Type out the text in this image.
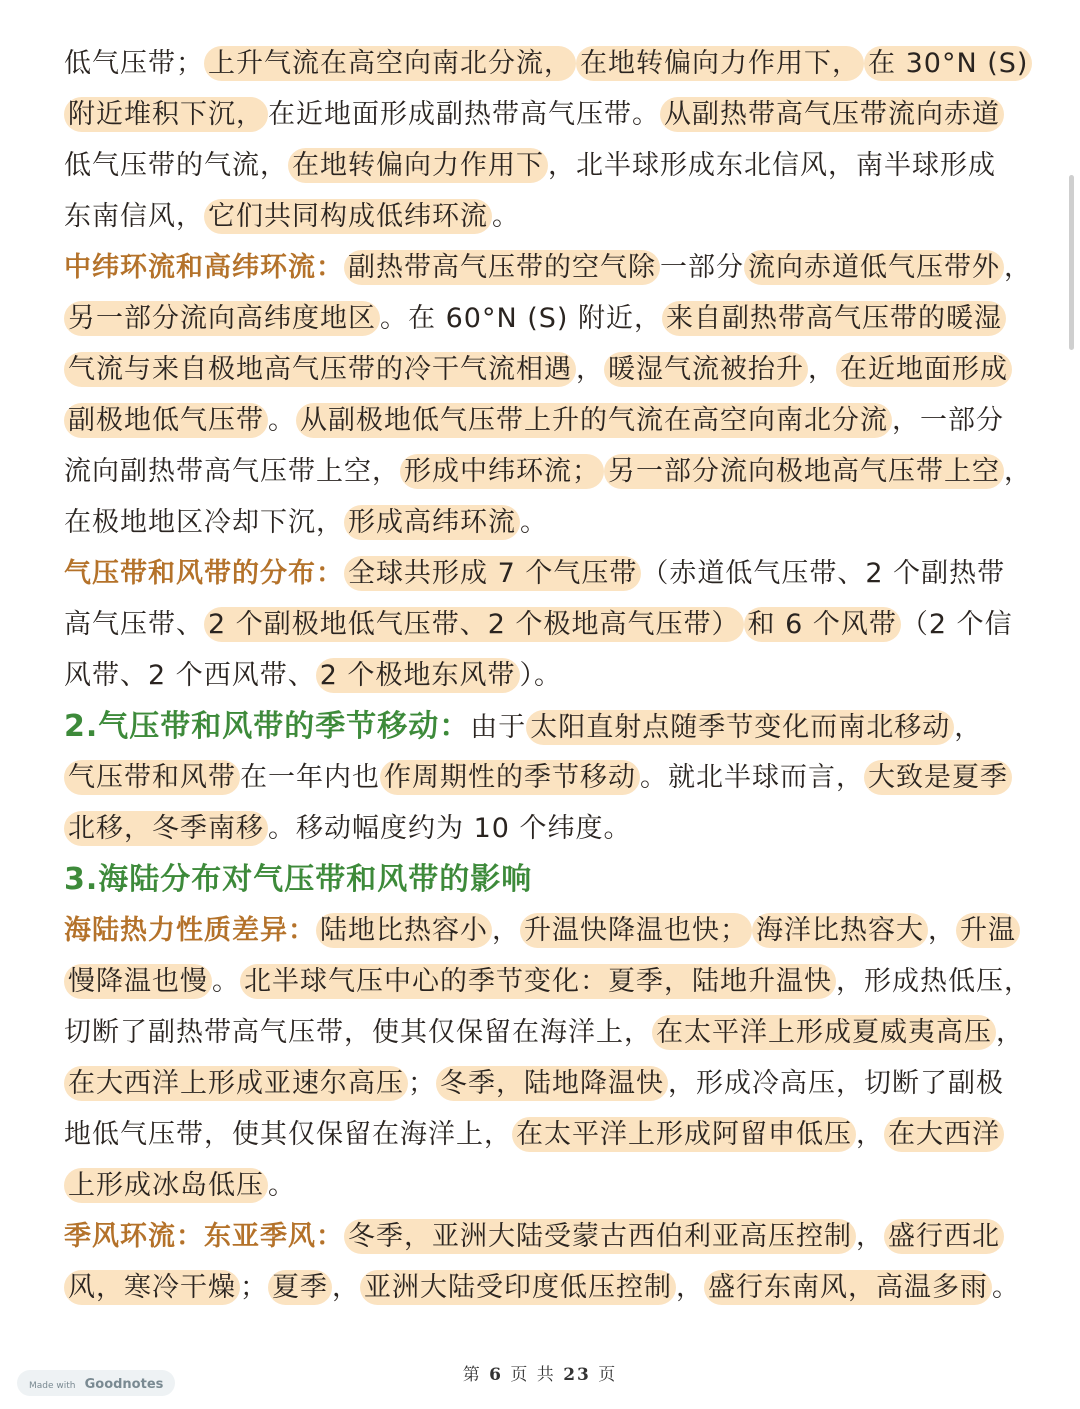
低气压带； 上升气流在高空向南北分流， 在地转偏向力作用下， 在 30°N (S)
附近堆积下沉， 在近地面形成副热带高气压带。 从副热带高气压带流向赤道
低气压带的气流， 在地转偏向力作用下 ，北半球形成东北信风，南半球形成
东南信风， 它们共同构成低纬环流 。
中纬环流和高纬环流： 副热带高气压带的空气除 一部分 流向赤道低气压带外 ，
另一部分流向高纬度地区 。在 60°N (S) 附近， 来自副热带高气压带的暖湿
气流与来自极地高气压带的冷干气流相遇 ， 暖湿气流被抬升 ， 在近地面形成
副极地低气压带 。 从副极地低气压带上升的气流在高空向南北分流 ，一部分
流向副热带高气压带上空， 形成中纬环流； 另一部分流向极地高气压带上空 ，
在极地地区冷却下沉， 形成高纬环流 。
气压带和风带的分布： 全球共形成 7 个气压带 （赤道低气压带、2 个副热带
高气压带、 2 个副极地低气压带、2 个极地高气压带） 和 6 个风带 （2 个信
风带、2 个西风带、 2 个极地东风带 ）。
2.气压带和风带的季节移动：由于 太阳直射点随季节变化而南北移动 ，
气压带和风带 在一年内也 作周期性的季节移动 。就北半球而言， 大致是夏季
北移，冬季南移 。移动幅度约为 10 个纬度。
3.海陆分布对气压带和风带的影响
海陆热力性质差异： 陆地比热容小 ， 升温快降温也快； 海洋比热容大 ， 升温
慢降温也慢 。 北半球气压中心的季节变化：夏季，陆地升温快 ，形成热低压，
切断了副热带高气压带，使其仅保留在海洋上， 在太平洋上形成夏威夷高压 ，
在大西洋上形成亚速尔高压 ； 冬季，陆地降温快 ，形成冷高压，切断了副极
地低气压带，使其仅保留在海洋上， 在太平洋上形成阿留申低压 ， 在大西洋
上形成冰岛低压 。
季风环流：东亚季风： 冬季，亚洲大陆受蒙古西伯利亚高压控制 ， 盛行西北
风，寒冷干燥 ； 夏季 ， 亚洲大陆受印度低压控制 ， 盛行东南风，高温多雨 。
第 6 页 共 23 页
Made with Goodnotes
